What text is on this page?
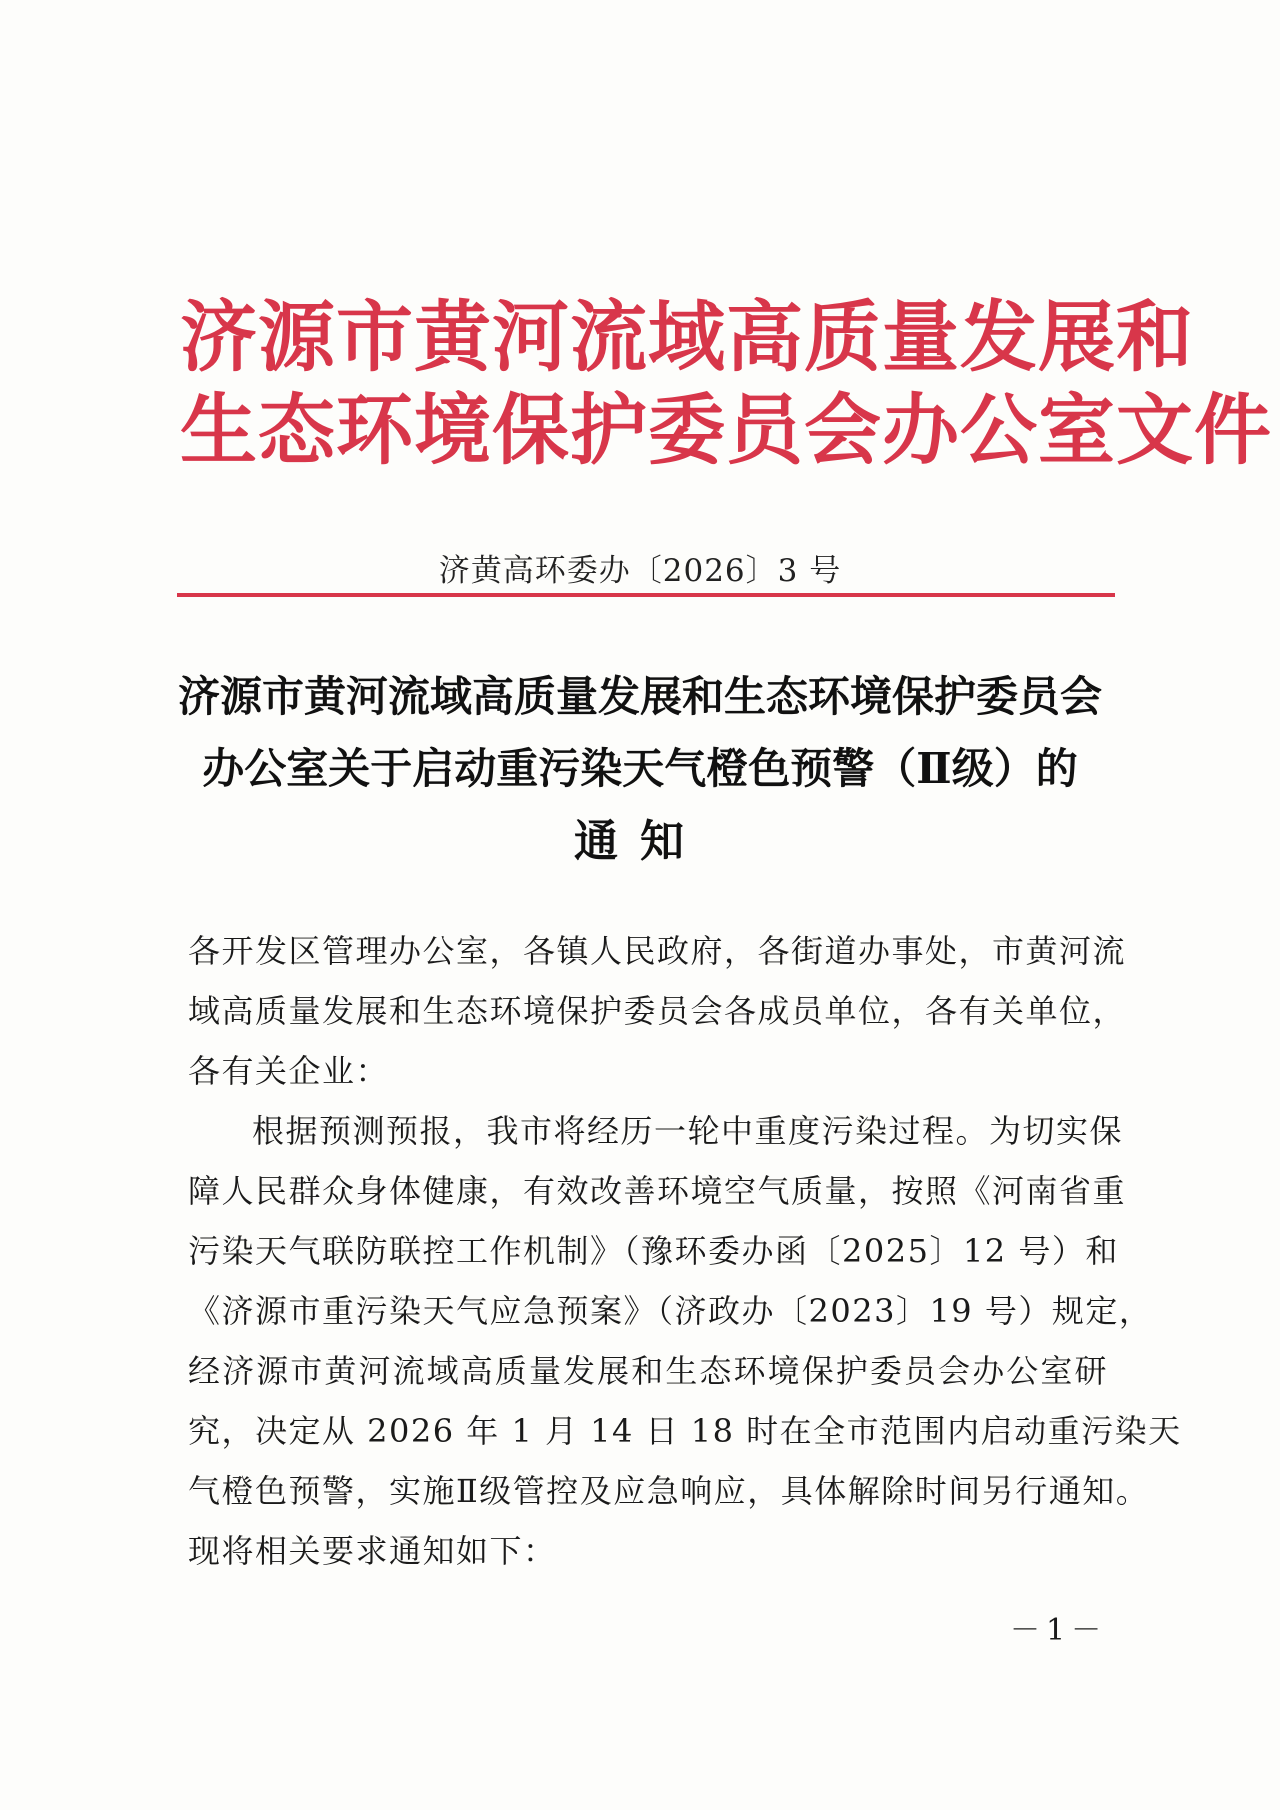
济源市黄河流域高质量发展和
生态环境保护委员会办公室文件
济黄高环委办〔2026〕3 号
济源市黄河流域高质量发展和生态环境保护委员会
办公室关于启动重污染天气橙色预警（Ⅱ级）的
通知
各开发区管理办公室，各镇人民政府，各街道办事处，市黄河流
域高质量发展和生态环境保护委员会各成员单位，各有关单位，
各有关企业：
根据预测预报，我市将经历一轮中重度污染过程。为切实保
障人民群众身体健康，有效改善环境空气质量，按照《河南省重
污染天气联防联控工作机制》（豫环委办函〔2025〕12 号）和
《济源市重污染天气应急预案》（济政办〔2023〕19 号）规定，
经济源市黄河流域高质量发展和生态环境保护委员会办公室研
究，决定从 2026 年 1 月 14 日 18 时在全市范围内启动重污染天
气橙色预警，实施Ⅱ级管控及应急响应，具体解除时间另行通知。
现将相关要求通知如下：
－1－
